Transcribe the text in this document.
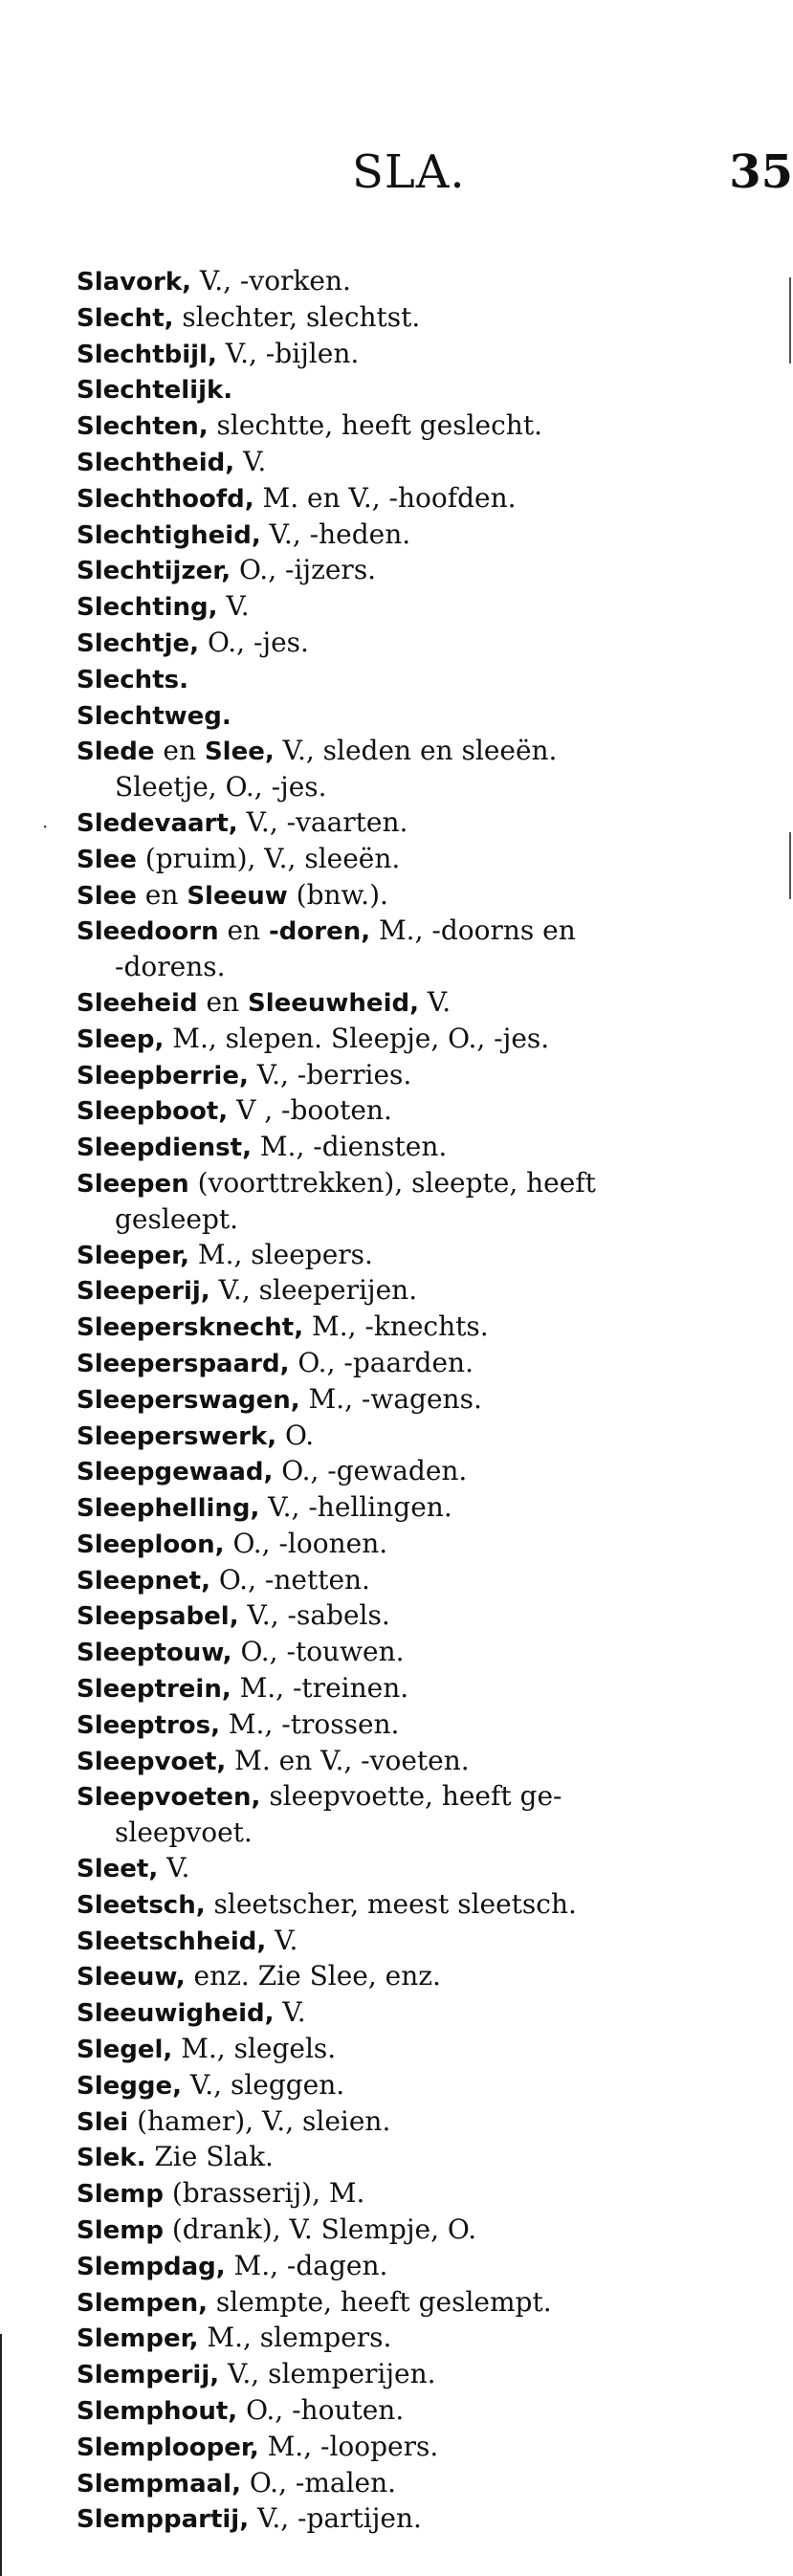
SLA.	35
Slavork, V., -vorken.
Slecht, slechter, slechtst.
Slechtbijl, V., -bijlen.
Slechtelijk.
Slechten, slechtte, heeft geslecht.
Slechtheid, V.
Slechthoofd, M. en V., -hoofden.
Slechtigheid, V., -heden.
Slechtijzer, O., -ijzers.
Slechting, V.
Slechtje, O., -jes.
Slechts.
Slechtweg.
Slede en Slee, V., sleden en sleeën.
Sleetje, O., -jes.
Sledevaart, V., -vaarten.
·
Slee (pruim), V., sleeën.
Slee en Sleeuw (bnw.).
Sleedoorn en -doren, M., -doorns en
-dorens.
Sleeheid en Sleeuwheid, V.
Sleep, M., slepen. Sleepje, O., -jes.
Sleepberrie, V., -berries.
Sleepboot, V , -booten.
Sleepdienst, M., -diensten.
Sleepen (voorttrekken), sleepte, heeft
gesleept.
Sleeper, M., sleepers.
Sleeperij, V., sleeperijen.
Sleepersknecht, M., -knechts.
Sleeperspaard, O., -paarden.
Sleeperswagen, M., -wagens.
Sleeperswerk, O.
Sleepgewaad, O., -gewaden.
Sleephelling, V., -hellingen.
Sleeploon, O., -loonen.
Sleepnet, O., -netten.
Sleepsabel, V., -sabels.
Sleeptouw, O., -touwen.
Sleeptrein, M., -treinen.
Sleeptros, M., -trossen.
Sleepvoet, M. en V., -voeten.
Sleepvoeten, sleepvoette, heeft ge-
sleepvoet.
Sleet, V.
Sleetsch, sleetscher, meest sleetsch.
Sleetschheid, V.
Sleeuw, enz. Zie Slee, enz.
Sleeuwigheid, V.
Slegel, M., slegels.
Slegge, V., sleggen.
Slei (hamer), V., sleien.
Slek. Zie Slak.
Slemp (brasserij), M.
Slemp (drank), V. Slempje, O.
Slempdag, M., -dagen.
Slempen, slempte, heeft geslempt.
Slemper, M., slempers.
Slemperij, V., slemperijen.
Slemphout, O., -houten.
Slemplooper, M., -loopers.
Slempmaal, O., -malen.
Slemppartij, V., -partijen.
